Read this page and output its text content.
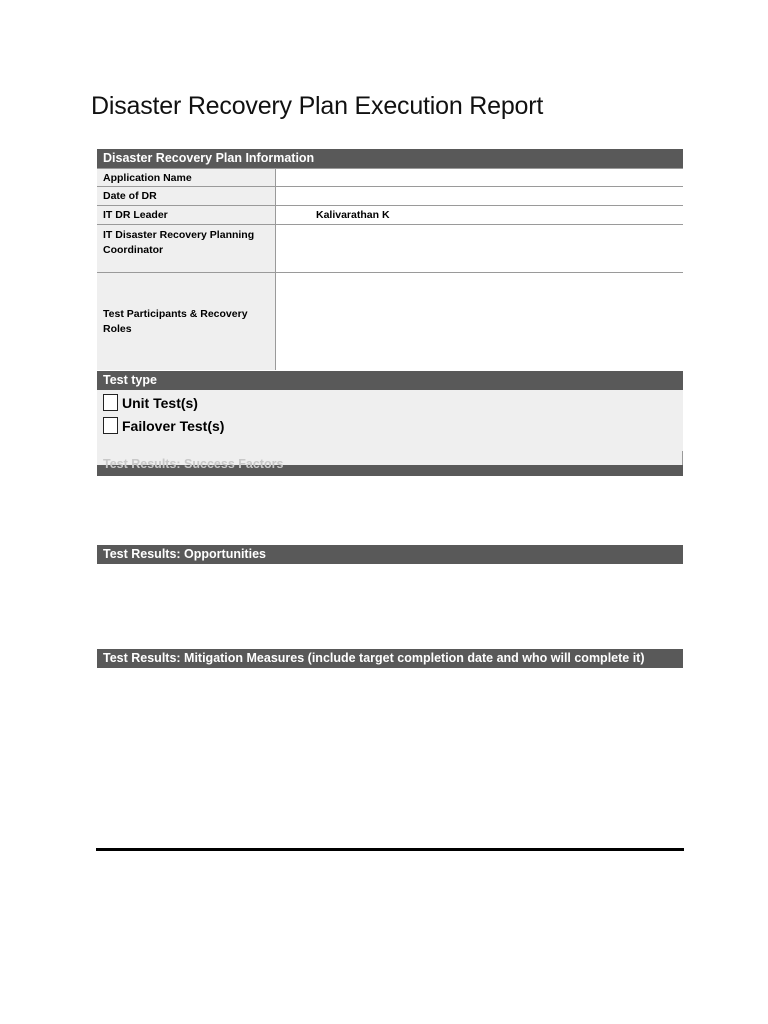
Disaster Recovery Plan Execution Report
Disaster Recovery Plan Information
Application Name
Date of DR
IT DR Leader	Kalivarathan K
IT Disaster Recovery Planning Coordinator
Test Participants & Recovery Roles
Test type
Unit Test(s)
Failover Test(s)
Test Results: Success Factors
Test Results: Opportunities
Test Results: Mitigation Measures (include target completion date and who will complete it)
